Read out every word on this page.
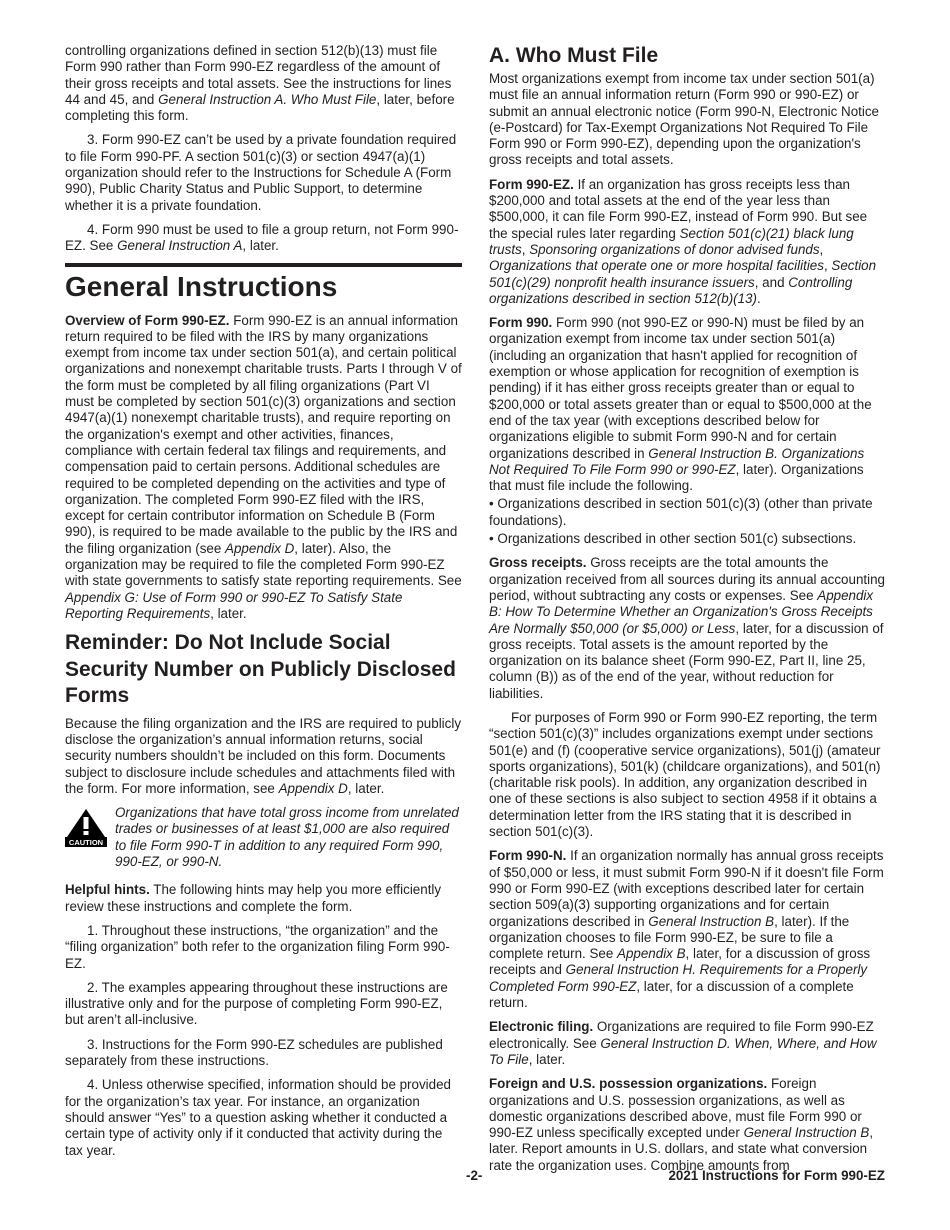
controlling organizations defined in section 512(b)(13) must file Form 990 rather than Form 990-EZ regardless of the amount of their gross receipts and total assets. See the instructions for lines 44 and 45, and General Instruction A. Who Must File, later, before completing this form.

3. Form 990-EZ can’t be used by a private foundation required to file Form 990-PF. A section 501(c)(3) or section 4947(a)(1) organization should refer to the Instructions for Schedule A (Form 990), Public Charity Status and Public Support, to determine whether it is a private foundation.

4. Form 990 must be used to file a group return, not Form 990-EZ. See General Instruction A, later.

General Instructions

Overview of Form 990-EZ. Form 990-EZ is an annual information return required to be filed with the IRS by many organizations exempt from income tax under section 501(a), and certain political organizations and nonexempt charitable trusts. Parts I through V of the form must be completed by all filing organizations (Part VI must be completed by section 501(c)(3) organizations and section 4947(a)(1) nonexempt charitable trusts), and require reporting on the organization's exempt and other activities, finances, compliance with certain federal tax filings and requirements, and compensation paid to certain persons. Additional schedules are required to be completed depending on the activities and type of organization. The completed Form 990-EZ filed with the IRS, except for certain contributor information on Schedule B (Form 990), is required to be made available to the public by the IRS and the filing organization (see Appendix D, later). Also, the organization may be required to file the completed Form 990-EZ with state governments to satisfy state reporting requirements. See Appendix G: Use of Form 990 or 990-EZ To Satisfy State Reporting Requirements, later.

Reminder: Do Not Include Social Security Number on Publicly Disclosed Forms

Because the filing organization and the IRS are required to publicly disclose the organization’s annual information returns, social security numbers shouldn’t be included on this form. Documents subject to disclosure include schedules and attachments filed with the form. For more information, see Appendix D, later.

CAUTION
Organizations that have total gross income from unrelated trades or businesses of at least $1,000 are also required to file Form 990-T in addition to any required Form 990, 990-EZ, or 990-N.

Helpful hints. The following hints may help you more efficiently review these instructions and complete the form.

1. Throughout these instructions, “the organization” and the “filing organization” both refer to the organization filing Form 990-EZ.

2. The examples appearing throughout these instructions are illustrative only and for the purpose of completing Form 990-EZ, but aren’t all-inclusive.

3. Instructions for the Form 990-EZ schedules are published separately from these instructions.

4. Unless otherwise specified, information should be provided for the organization’s tax year. For instance, an organization should answer “Yes” to a question asking whether it conducted a certain type of activity only if it conducted that activity during the tax year.

A. Who Must File

Most organizations exempt from income tax under section 501(a) must file an annual information return (Form 990 or 990-EZ) or submit an annual electronic notice (Form 990-N, Electronic Notice (e-Postcard) for Tax-Exempt Organizations Not Required To File Form 990 or Form 990-EZ), depending upon the organization's gross receipts and total assets.

Form 990-EZ. If an organization has gross receipts less than $200,000 and total assets at the end of the year less than $500,000, it can file Form 990-EZ, instead of Form 990. But see the special rules later regarding Section 501(c)(21) black lung trusts, Sponsoring organizations of donor advised funds, Organizations that operate one or more hospital facilities, Section 501(c)(29) nonprofit health insurance issuers, and Controlling organizations described in section 512(b)(13).

Form 990. Form 990 (not 990-EZ or 990-N) must be filed by an organization exempt from income tax under section 501(a) (including an organization that hasn't applied for recognition of exemption or whose application for recognition of exemption is pending) if it has either gross receipts greater than or equal to $200,000 or total assets greater than or equal to $500,000 at the end of the tax year (with exceptions described below for organizations eligible to submit Form 990-N and for certain organizations described in General Instruction B. Organizations Not Required To File Form 990 or 990-EZ, later). Organizations that must file include the following.

• Organizations described in section 501(c)(3) (other than private foundations).

• Organizations described in other section 501(c) subsections.

Gross receipts. Gross receipts are the total amounts the organization received from all sources during its annual accounting period, without subtracting any costs or expenses. See Appendix B: How To Determine Whether an Organization's Gross Receipts Are Normally $50,000 (or $5,000) or Less, later, for a discussion of gross receipts. Total assets is the amount reported by the organization on its balance sheet (Form 990-EZ, Part II, line 25, column (B)) as of the end of the year, without reduction for liabilities.

For purposes of Form 990 or Form 990-EZ reporting, the term “section 501(c)(3)” includes organizations exempt under sections 501(e) and (f) (cooperative service organizations), 501(j) (amateur sports organizations), 501(k) (childcare organizations), and 501(n) (charitable risk pools). In addition, any organization described in one of these sections is also subject to section 4958 if it obtains a determination letter from the IRS stating that it is described in section 501(c)(3).

Form 990-N. If an organization normally has annual gross receipts of $50,000 or less, it must submit Form 990-N if it doesn't file Form 990 or Form 990-EZ (with exceptions described later for certain section 509(a)(3) supporting organizations and for certain organizations described in General Instruction B, later). If the organization chooses to file Form 990-EZ, be sure to file a complete return. See Appendix B, later, for a discussion of gross receipts and General Instruction H. Requirements for a Properly Completed Form 990-EZ, later, for a discussion of a complete return.

Electronic filing. Organizations are required to file Form 990-EZ electronically. See General Instruction D. When, Where, and How To File, later.

Foreign and U.S. possession organizations. Foreign organizations and U.S. possession organizations, as well as domestic organizations described above, must file Form 990 or 990-EZ unless specifically excepted under General Instruction B, later. Report amounts in U.S. dollars, and state what conversion rate the organization uses. Combine amounts from

-2-	2021 Instructions for Form 990-EZ
